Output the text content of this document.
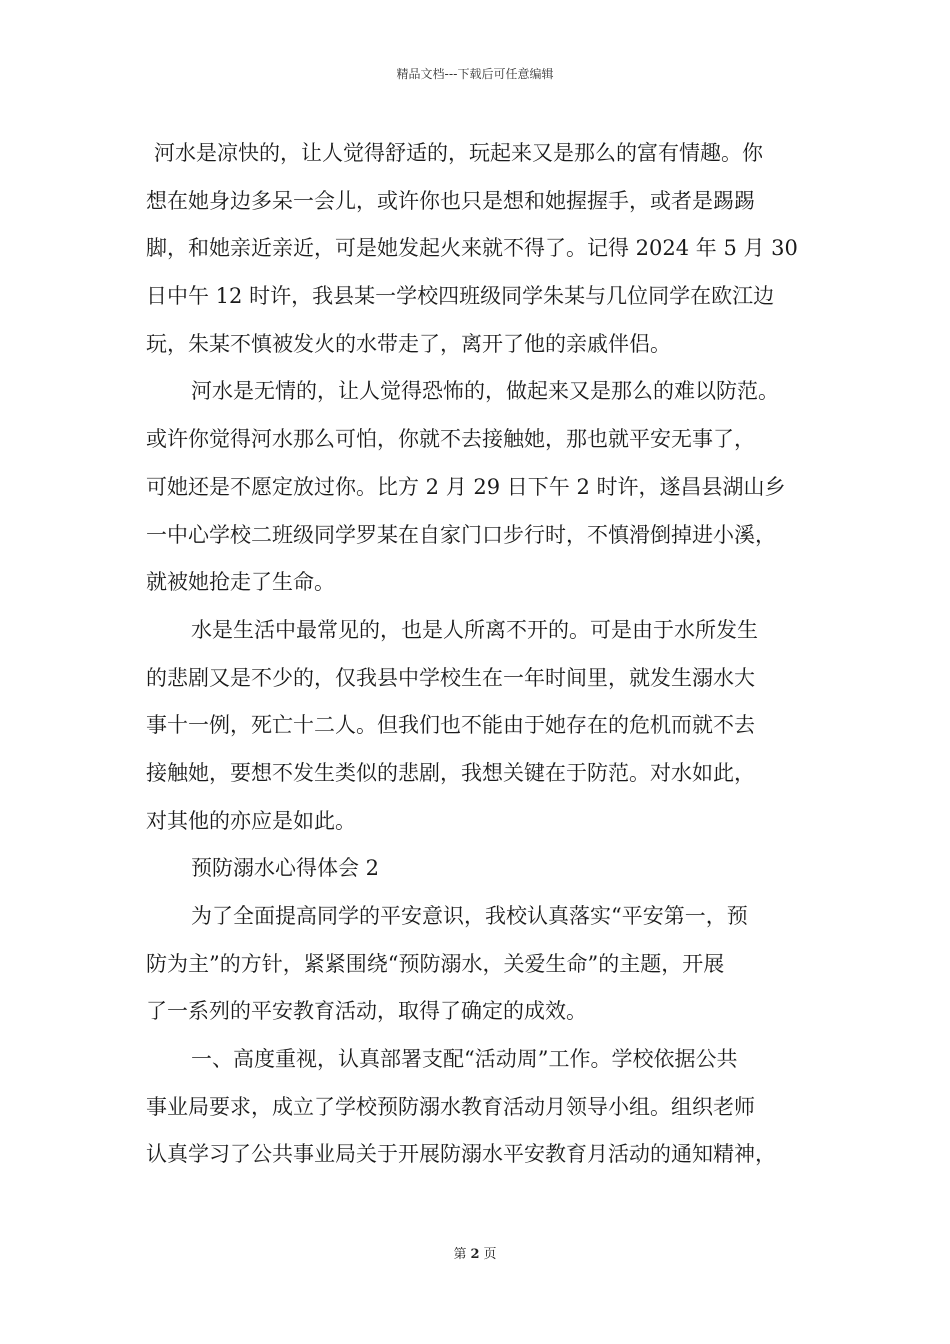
精品文档---下载后可任意编辑
河水是凉快的，让人觉得舒适的，玩起来又是那么的富有情趣。你
想在她身边多呆一会儿，或许你也只是想和她握握手，或者是踢踢
脚，和她亲近亲近，可是她发起火来就不得了。记得 2024 年 5 月 30
日中午 12 时许，我县某一学校四班级同学朱某与几位同学在欧江边
玩，朱某不慎被发火的水带走了，离开了他的亲戚伴侣。
河水是无情的，让人觉得恐怖的，做起来又是那么的难以防范。
或许你觉得河水那么可怕，你就不去接触她，那也就平安无事了，
可她还是不愿定放过你。比方 2 月 29 日下午 2 时许，遂昌县湖山乡
一中心学校二班级同学罗某在自家门口步行时，不慎滑倒掉进小溪，
就被她抢走了生命。
水是生活中最常见的，也是人所离不开的。可是由于水所发生
的悲剧又是不少的，仅我县中学校生在一年时间里，就发生溺水大
事十一例，死亡十二人。但我们也不能由于她存在的危机而就不去
接触她，要想不发生类似的悲剧，我想关键在于防范。对水如此，
对其他的亦应是如此。
预防溺水心得体会 2
为了全面提高同学的平安意识，我校认真落实“平安第一，预
防为主”的方针，紧紧围绕“预防溺水，关爱生命”的主题，开展
了一系列的平安教育活动，取得了确定的成效。
一、高度重视，认真部署支配“活动周”工作。学校依据公共
事业局要求，成立了学校预防溺水教育活动月领导小组。组织老师
认真学习了公共事业局关于开展防溺水平安教育月活动的通知精神，
第 2 页
